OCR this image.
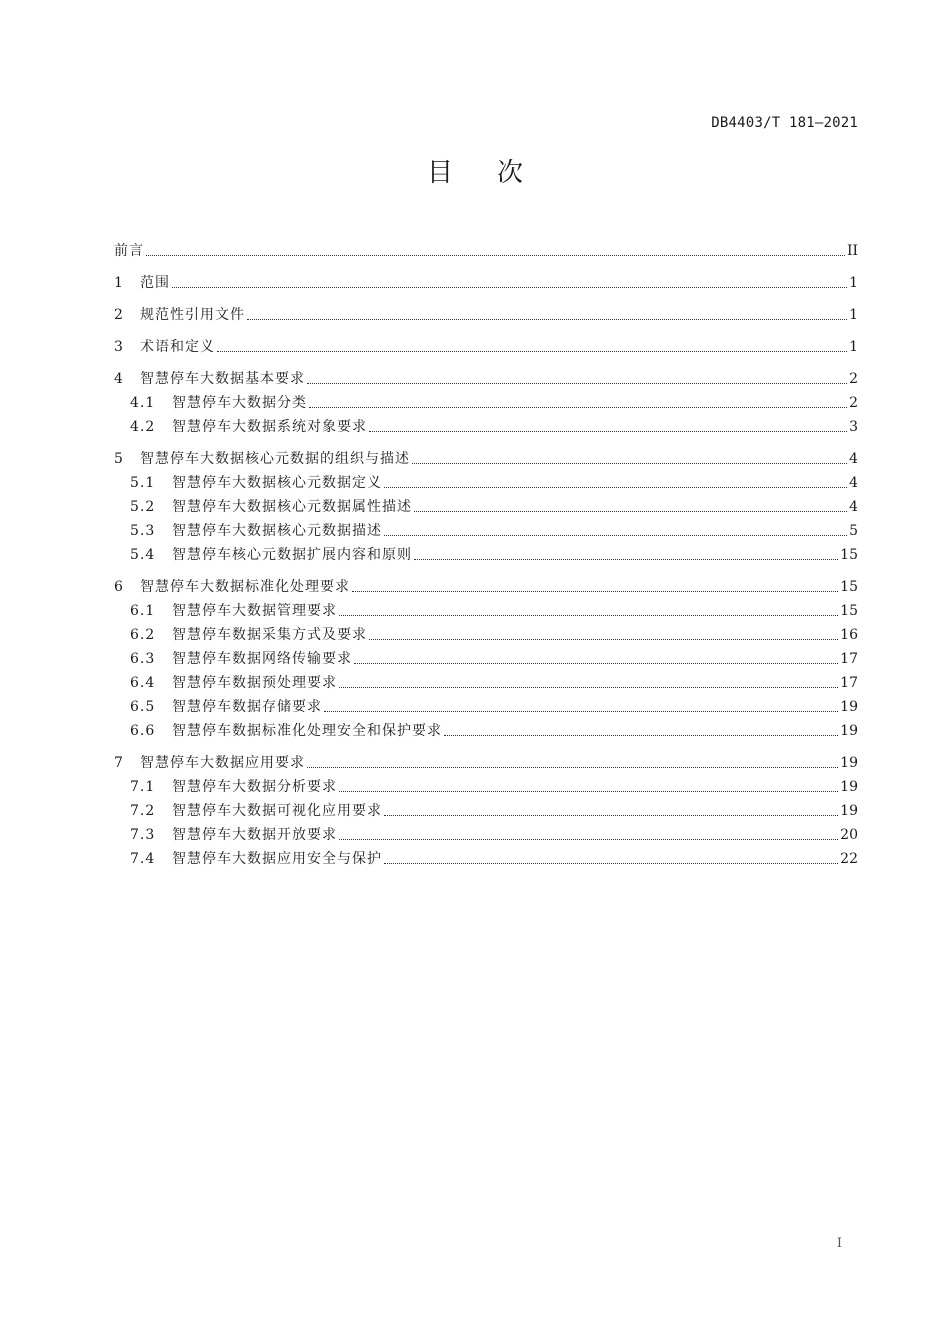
DB4403/T 181—2021
目次
前言	II
1	范围	1
2	规范性引用文件	1
3	术语和定义	1
4	智慧停车大数据基本要求	2
4.1	智慧停车大数据分类	2
4.2	智慧停车大数据系统对象要求	3
5	智慧停车大数据核心元数据的组织与描述	4
5.1	智慧停车大数据核心元数据定义	4
5.2	智慧停车大数据核心元数据属性描述	4
5.3	智慧停车大数据核心元数据描述	5
5.4	智慧停车核心元数据扩展内容和原则	15
6	智慧停车大数据标准化处理要求	15
6.1	智慧停车大数据管理要求	15
6.2	智慧停车数据采集方式及要求	16
6.3	智慧停车数据网络传输要求	17
6.4	智慧停车数据预处理要求	17
6.5	智慧停车数据存储要求	19
6.6	智慧停车数据标准化处理安全和保护要求	19
7	智慧停车大数据应用要求	19
7.1	智慧停车大数据分析要求	19
7.2	智慧停车大数据可视化应用要求	19
7.3	智慧停车大数据开放要求	20
7.4	智慧停车大数据应用安全与保护	22
I
